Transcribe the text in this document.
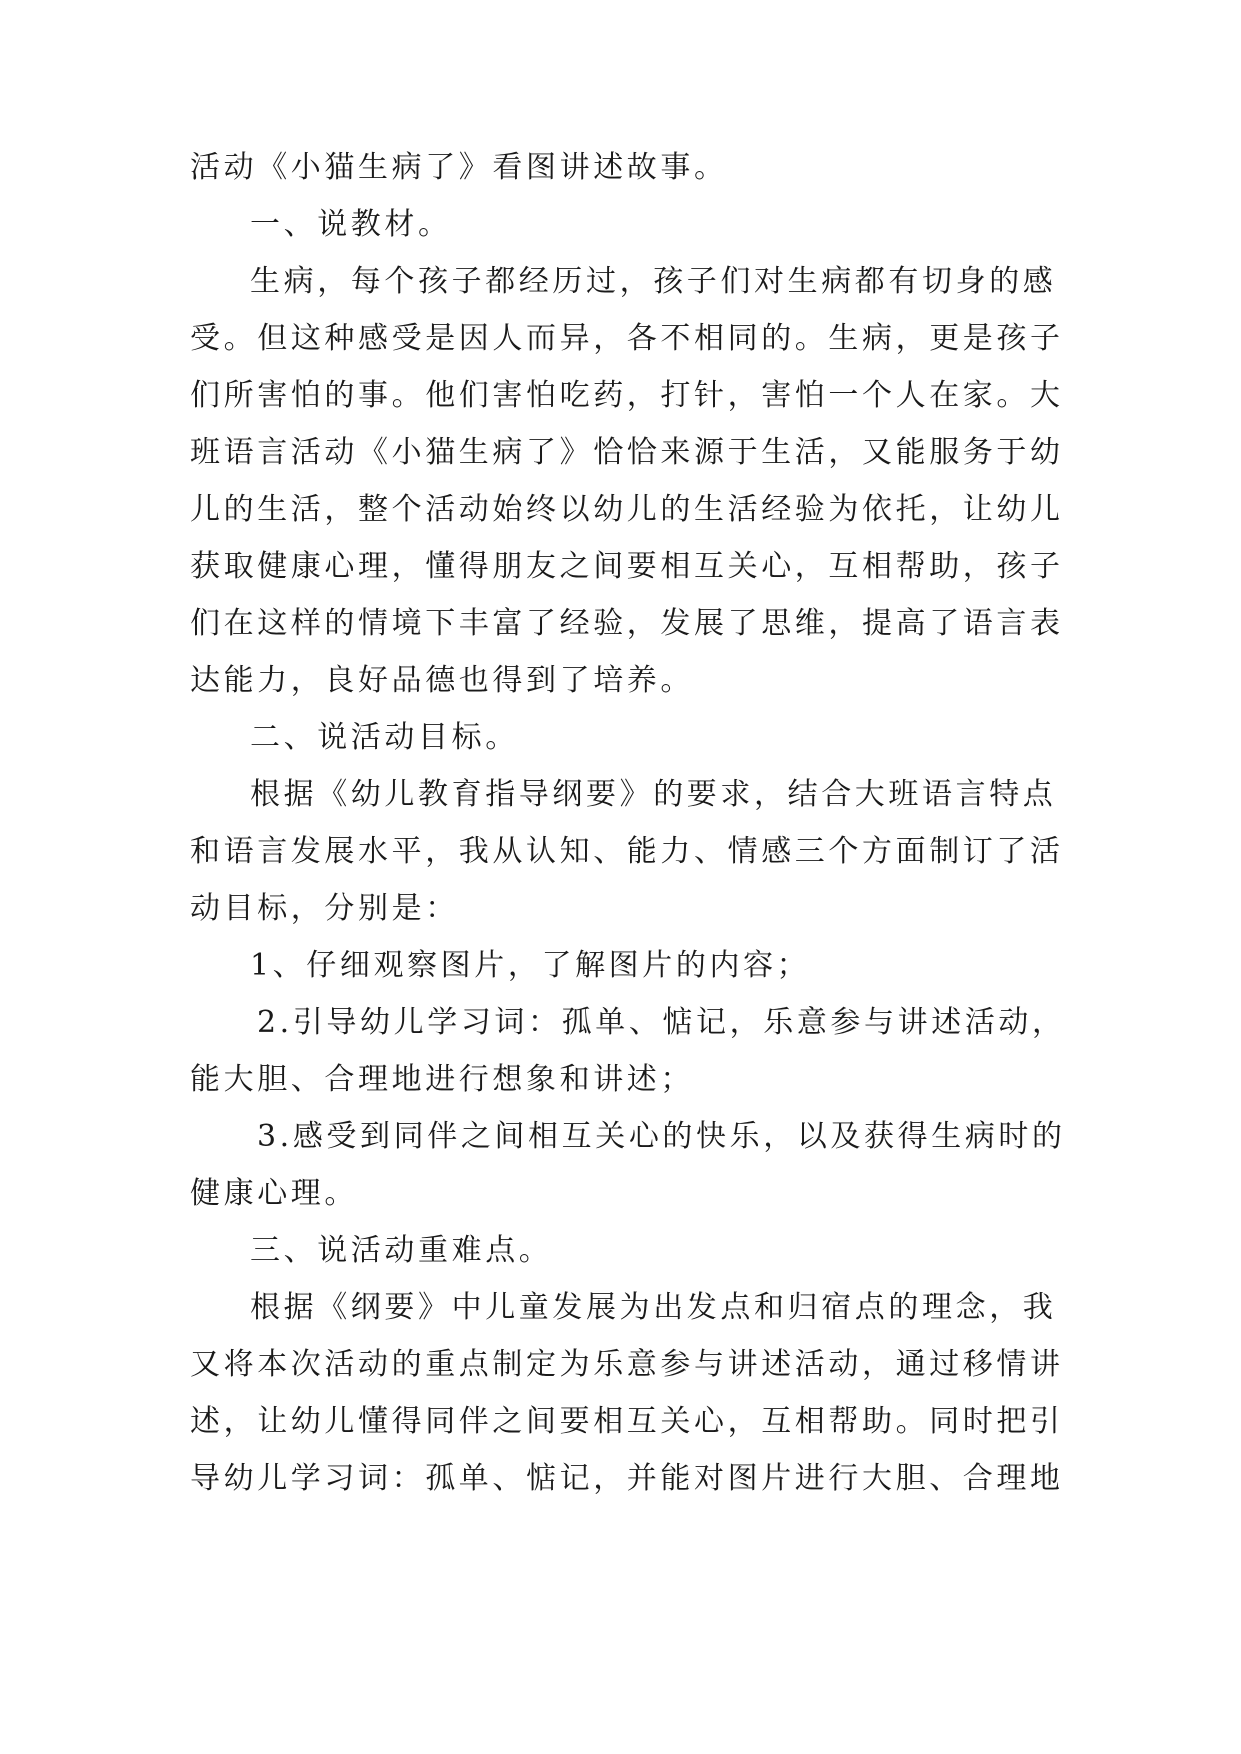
活动《小猫生病了》看图讲述故事。
一、说教材。
生病，每个孩子都经历过，孩子们对生病都有切身的感
受。但这种感受是因人而异，各不相同的。生病，更是孩子
们所害怕的事。他们害怕吃药，打针，害怕一个人在家。大
班语言活动《小猫生病了》恰恰来源于生活，又能服务于幼
儿的生活，整个活动始终以幼儿的生活经验为依托，让幼儿
获取健康心理，懂得朋友之间要相互关心，互相帮助，孩子
们在这样的情境下丰富了经验，发展了思维，提高了语言表
达能力，良好品德也得到了培养。
二、说活动目标。
根据《幼儿教育指导纲要》的要求，结合大班语言特点
和语言发展水平，我从认知、能力、情感三个方面制订了活
动目标，分别是：
1、仔细观察图片，了解图片的内容；
2.引导幼儿学习词：孤单、惦记，乐意参与讲述活动，
能大胆、合理地进行想象和讲述；
3.感受到同伴之间相互关心的快乐，以及获得生病时的
健康心理。
三、说活动重难点。
根据《纲要》中儿童发展为出发点和归宿点的理念，我
又将本次活动的重点制定为乐意参与讲述活动，通过移情讲
述，让幼儿懂得同伴之间要相互关心，互相帮助。同时把引
导幼儿学习词：孤单、惦记，并能对图片进行大胆、合理地
